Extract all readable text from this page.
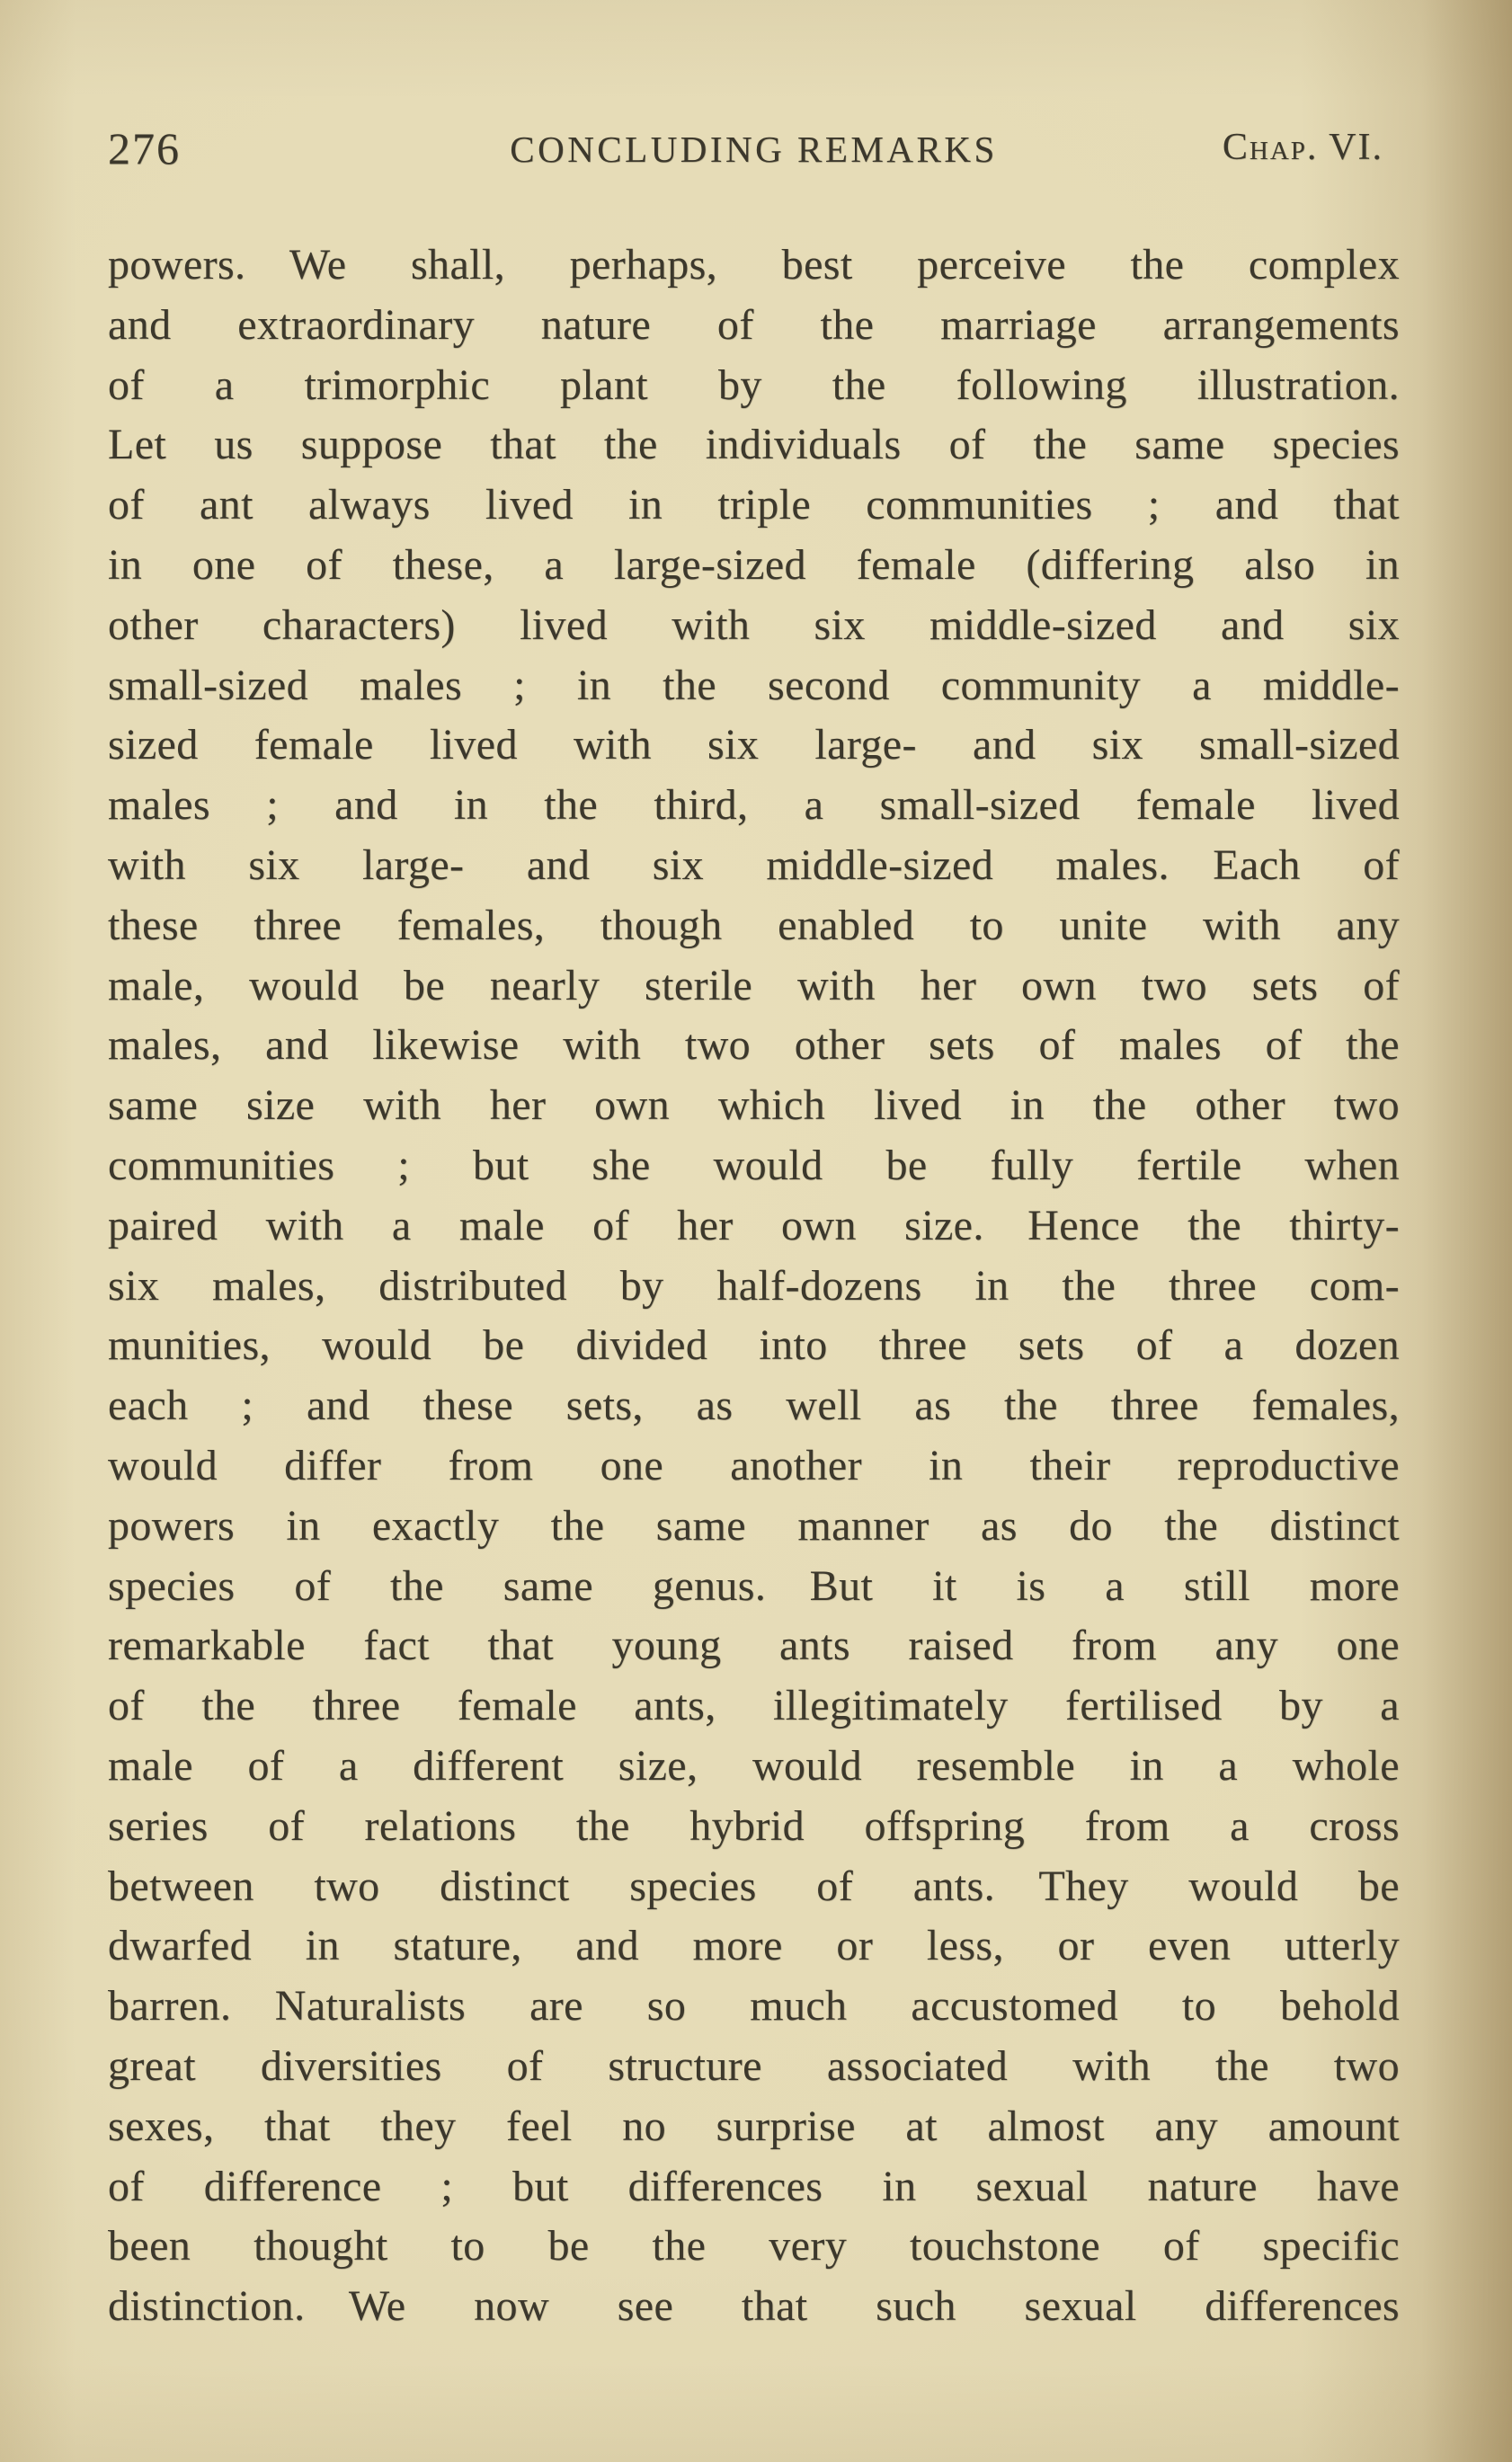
276	CONCLUDING REMARKS	Chap. VI.
powers. We shall, perhaps, best perceive the complex
and extraordinary nature of the marriage arrangements
of a trimorphic plant by the following illustration.
Let us suppose that the individuals of the same species
of ant always lived in triple communities ; and that
in one of these, a large-sized female (differing also in
other characters) lived with six middle-sized and six
small-sized males ; in the second community a middle-
sized female lived with six large- and six small-sized
males ; and in the third, a small-sized female lived
with six large- and six middle-sized males. Each of
these three females, though enabled to unite with any
male, would be nearly sterile with her own two sets of
males, and likewise with two other sets of males of the
same size with her own which lived in the other two
communities ; but she would be fully fertile when
paired with a male of her own size. Hence the thirty-
six males, distributed by half-dozens in the three com-
munities, would be divided into three sets of a dozen
each ; and these sets, as well as the three females,
would differ from one another in their reproductive
powers in exactly the same manner as do the distinct
species of the same genus. But it is a still more
remarkable fact that young ants raised from any one
of the three female ants, illegitimately fertilised by a
male of a different size, would resemble in a whole
series of relations the hybrid offspring from a cross
between two distinct species of ants. They would be
dwarfed in stature, and more or less, or even utterly
barren. Naturalists are so much accustomed to behold
great diversities of structure associated with the two
sexes, that they feel no surprise at almost any amount
of difference ; but differences in sexual nature have
been thought to be the very touchstone of specific
distinction. We now see that such sexual differences
